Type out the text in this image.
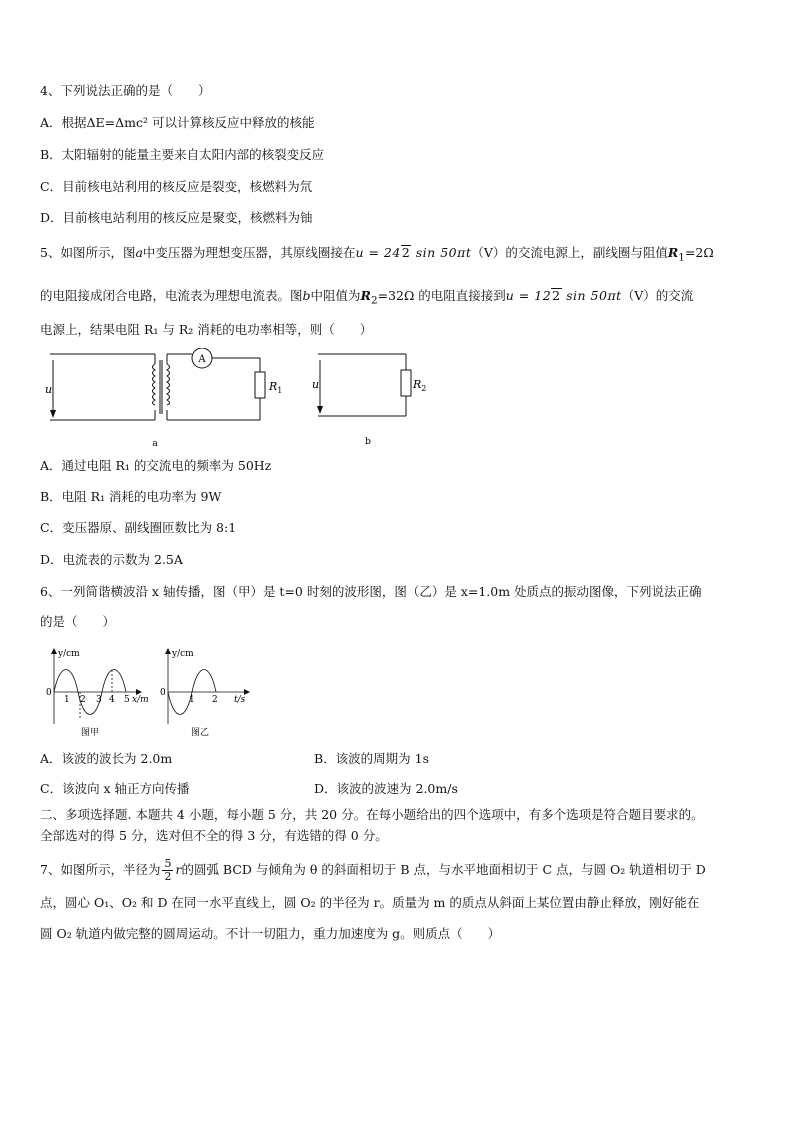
4、下列说法正确的是（　　）
A．根据ΔE=Δmc² 可以计算核反应中释放的核能
B．太阳辐射的能量主要来自太阳内部的核裂变反应
C．目前核电站利用的核反应是裂变，核燃料为氘
D．目前核电站利用的核反应是聚变，核燃料为铀
5、如图所示，图a中变压器为理想变压器，其原线圈接在u = 242 sin 50πt（V）的交流电源上，副线圈与阻值$R_1=2\Omega$
的电阻接成闭合电路，电流表为理想电流表。图b中阻值为$R_2=32\Omega$ 的电阻直接接到u = 122 sin 50πt（V）的交流
电源上，结果电阻 R₁ 与 R₂ 消耗的电功率相等，则（　　）
u
A
$R_1$
a
u	$R_2$
b
A．通过电阻 R₁ 的交流电的频率为 50Hz
B．电阻 R₁ 消耗的电功率为 9W
C．变压器原、副线圈匝数比为 8:1
D．电流表的示数为 2.5A
6、一列简谐横波沿 x 轴传播，图（甲）是 t=0 时刻的波形图，图（乙）是 x=1.0m 处质点的振动图像，下列说法正确
的是（　　）
y/cm
0
1 2 3 4 5 x/m
图甲
y/cm
0
1 2 t/s
图乙
A．该波的波长为 2.0m	B．该波的周期为 1s
C．该波向 x 轴正方向传播	D．该波的波速为 2.0m/s
二、多项选择题. 本题共 4 小题，每小题 5 分，共 20 分。在每小题给出的四个选项中，有多个选项是符合题目要求的。
全部选对的得 5 分，选对但不全的得 3 分，有选错的得 0 分。
7、如图所示，半径为 $\frac{5}{2}$ r的圆弧 BCD 与倾角为 θ 的斜面相切于 B 点，与水平地面相切于 C 点，与圆 O₂ 轨道相切于 D
点，圆心 O₁、O₂ 和 D 在同一水平直线上，圆 O₂ 的半径为 r。质量为 m 的质点从斜面上某位置由静止释放，刚好能在
圆 O₂ 轨道内做完整的圆周运动。不计一切阻力，重力加速度为 g。则质点（　　）
